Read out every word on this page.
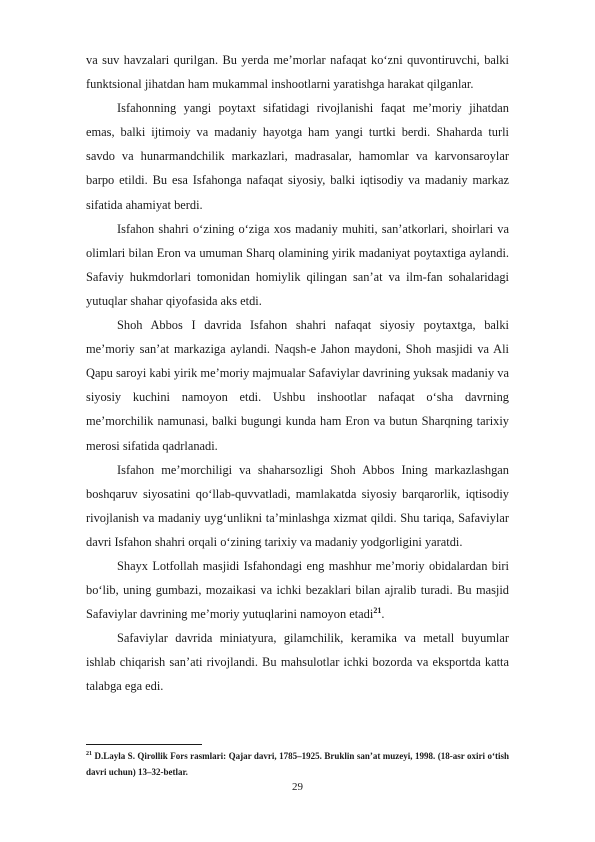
va suv havzalari qurilgan. Bu yerda me’morlar nafaqat ko‘zni quvontiruvchi, balki funktsional jihatdan ham mukammal inshootlarni yaratishga harakat qilganlar.

Isfahonning yangi poytaxt sifatidagi rivojlanishi faqat me’moriy jihatdan emas, balki ijtimoiy va madaniy hayotga ham yangi turtki berdi. Shaharda turli savdo va hunarmandchilik markazlari, madrasalar, hamomlar va karvonsaroylar barpo etildi. Bu esa Isfahonga nafaqat siyosiy, balki iqtisodiy va madaniy markaz sifatida ahamiyat berdi.

Isfahon shahri o‘zining o‘ziga xos madaniy muhiti, san’atkorlari, shoirlari va olimlari bilan Eron va umuman Sharq olamining yirik madaniyat poytaxtiga aylandi. Safaviy hukmdorlari tomonidan homiylik qilingan san’at va ilm-fan sohalaridagi yutuqlar shahar qiyofasida aks etdi.

Shoh Abbos I davrida Isfahon shahri nafaqat siyosiy poytaxtga, balki me’moriy san’at markaziga aylandi. Naqsh-e Jahon maydoni, Shoh masjidi va Ali Qapu saroyi kabi yirik me’moriy majmualar Safaviylar davrining yuksak madaniy va siyosiy kuchini namoyon etdi. Ushbu inshootlar nafaqat o‘sha davrning me’morchilik namunasi, balki bugungi kunda ham Eron va butun Sharqning tarixiy merosi sifatida qadrlanadi.

Isfahon me’morchiligi va shaharsozligi Shoh Abbos Ining markazlashgan boshqaruv siyosatini qo‘llab-quvvatladi, mamlakatda siyosiy barqarorlik, iqtisodiy rivojlanish va madaniy uyg‘unlikni ta’minlashga xizmat qildi. Shu tariqa, Safaviylar davri Isfahon shahri orqali o‘zining tarixiy va madaniy yodgorligini yaratdi.

Shayx Lotfollah masjidi Isfahondagi eng mashhur me’moriy obidalardan biri bo‘lib, uning gumbazi, mozaikasi va ichki bezaklari bilan ajralib turadi. Bu masjid Safaviylar davrining me’moriy yutuqlarini namoyon etadi$^{21}$.

Safaviylar davrida miniatyura, gilamchilik, keramika va metall buyumlar ishlab chiqarish san’ati rivojlandi. Bu mahsulotlar ichki bozorda va eksportda katta talabga ega edi.

$^{21}$ D.Layla S. Qirollik Fors rasmlari: Qajar davri, 1785–1925. Bruklin san’at muzeyi, 1998. (18-asr oxiri o‘tish davri uchun) 13–32-betlar.

29
